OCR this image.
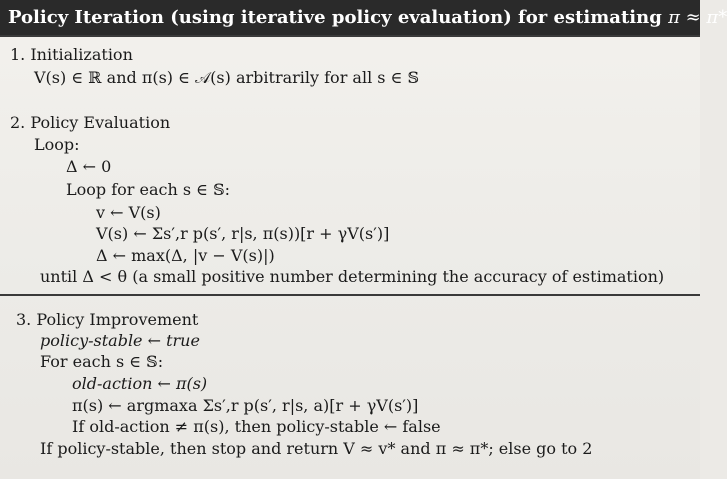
Policy Iteration (using iterative policy evaluation) for estimating π ≈ π*
1. Initialization
V(s) ∈ ℝ and π(s) ∈ 𝒜(s) arbitrarily for all s ∈ 𝕊
2. Policy Evaluation
Loop:
Δ ← 0
Loop for each s ∈ 𝕊:
v ← V(s)
V(s) ← Σs′,r p(s′, r|s, π(s))[r + γV(s′)]
Δ ← max(Δ, |v − V(s)|)
until Δ < θ (a small positive number determining the accuracy of estimation)
3. Policy Improvement
policy-stable ← true
For each s ∈ 𝕊:
old-action ← π(s)
π(s) ← argmaxa Σs′,r p(s′, r|s, a)[r + γV(s′)]
If old-action ≠ π(s), then policy-stable ← false
If policy-stable, then stop and return V ≈ v* and π ≈ π*; else go to 2
